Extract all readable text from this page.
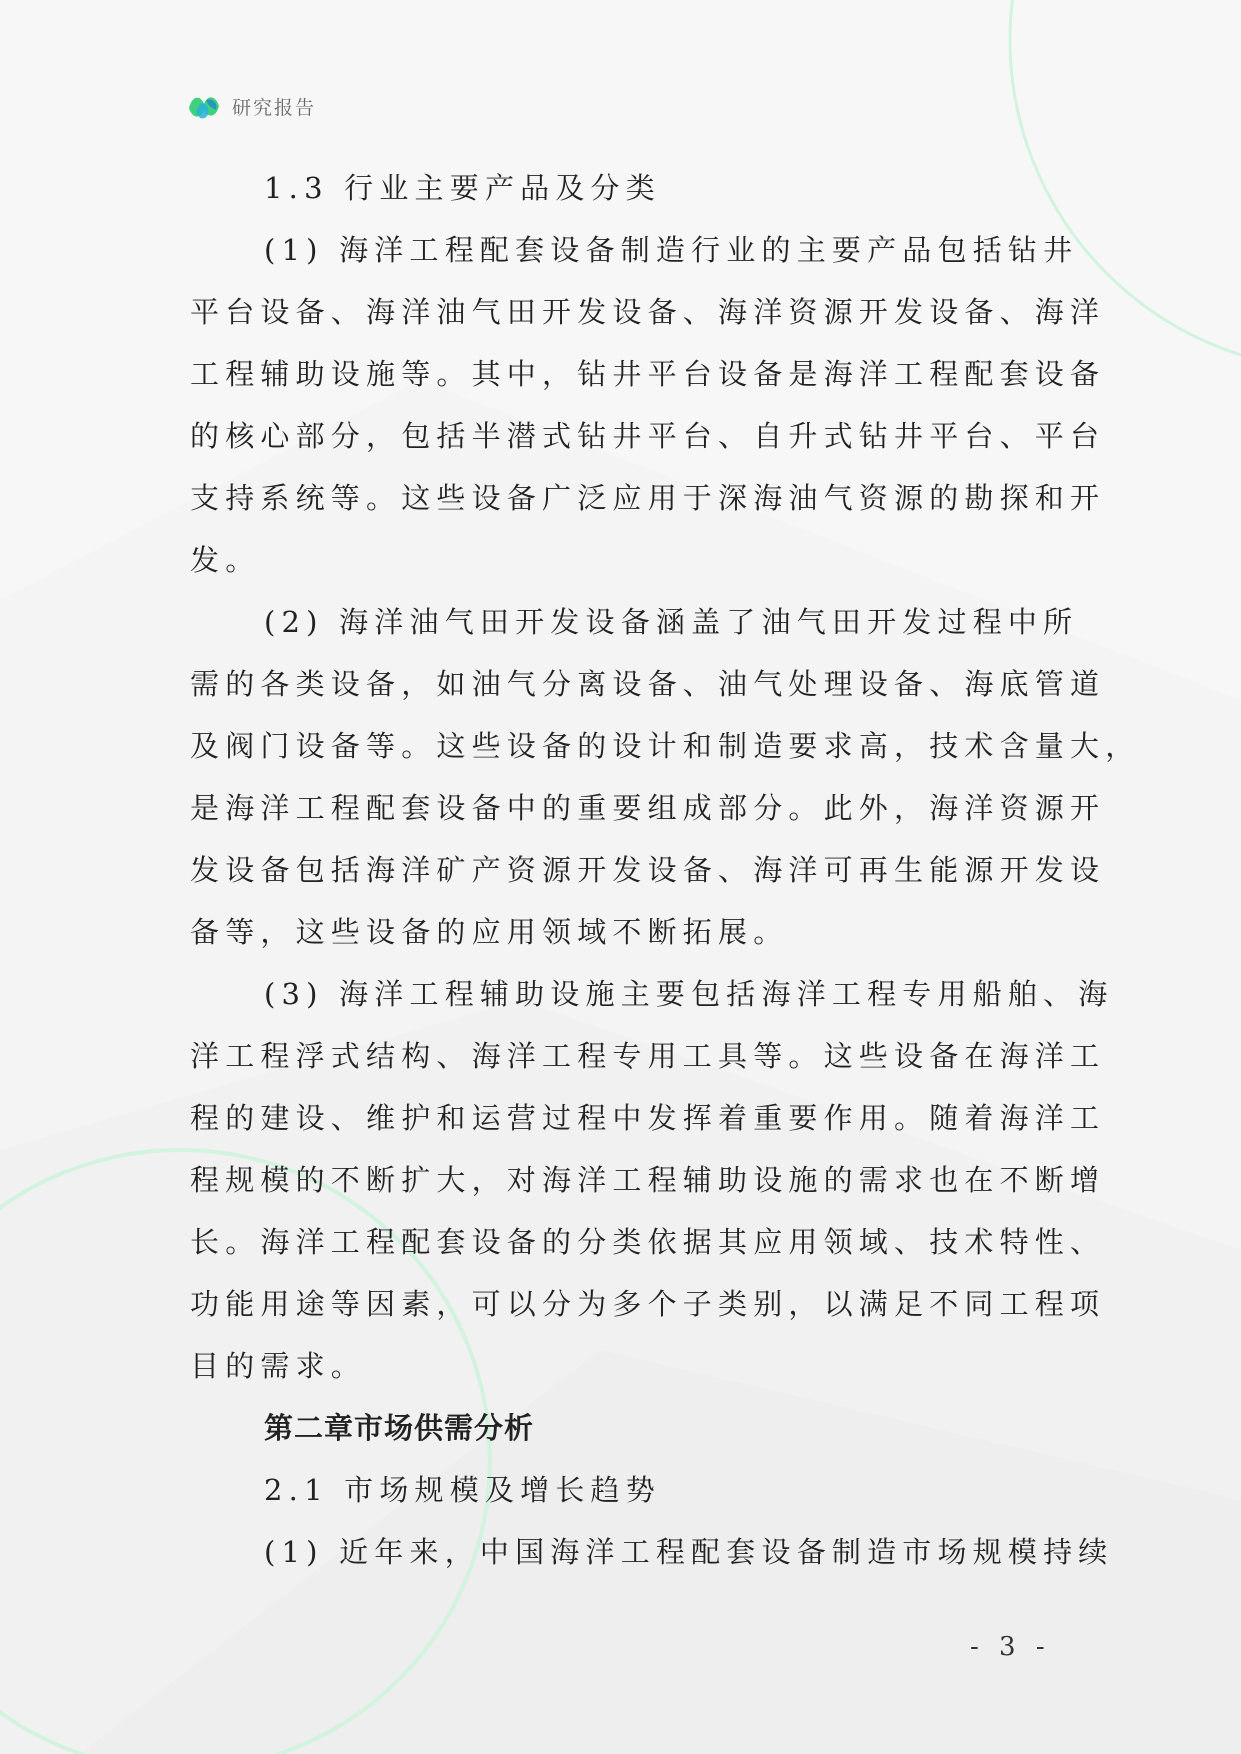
研究报告
1.3 行业主要产品及分类
(1) 海洋工程配套设备制造行业的主要产品包括钻井
平台设备、海洋油气田开发设备、海洋资源开发设备、海洋
工程辅助设施等。其中，钻井平台设备是海洋工程配套设备
的核心部分，包括半潜式钻井平台、自升式钻井平台、平台
支持系统等。这些设备广泛应用于深海油气资源的勘探和开
发。
(2) 海洋油气田开发设备涵盖了油气田开发过程中所
需的各类设备，如油气分离设备、油气处理设备、海底管道
及阀门设备等。这些设备的设计和制造要求高，技术含量大，
是海洋工程配套设备中的重要组成部分。此外，海洋资源开
发设备包括海洋矿产资源开发设备、海洋可再生能源开发设
备等，这些设备的应用领域不断拓展。
(3) 海洋工程辅助设施主要包括海洋工程专用船舶、海
洋工程浮式结构、海洋工程专用工具等。这些设备在海洋工
程的建设、维护和运营过程中发挥着重要作用。随着海洋工
程规模的不断扩大，对海洋工程辅助设施的需求也在不断增
长。海洋工程配套设备的分类依据其应用领域、技术特性、
功能用途等因素，可以分为多个子类别，以满足不同工程项
目的需求。
第二章市场供需分析
2.1 市场规模及增长趋势
(1) 近年来，中国海洋工程配套设备制造市场规模持续
- 3 -
